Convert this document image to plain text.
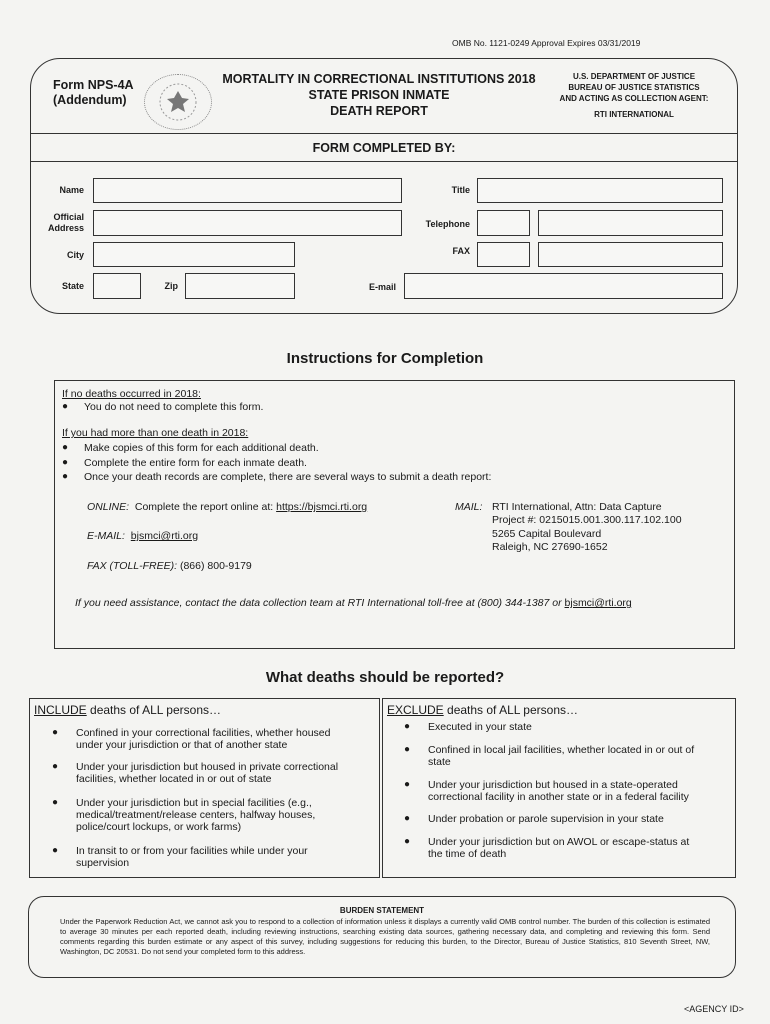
OMB No. 1121-0249 Approval Expires 03/31/2019
Form NPS-4A
(Addendum)
MORTALITY IN CORRECTIONAL INSTITUTIONS 2018
STATE PRISON INMATE
DEATH REPORT
U.S. DEPARTMENT OF JUSTICE
BUREAU OF JUSTICE STATISTICS
AND ACTING AS COLLECTION AGENT:
RTI INTERNATIONAL
FORM COMPLETED BY:
Name	Title
Official
Address	Telephone
City	FAX
State	Zip	E-mail
Instructions for Completion
If no deaths occurred in 2018:
● You do not need to complete this form.
If you had more than one death in 2018:
● Make copies of this form for each additional death.
● Complete the entire form for each inmate death.
● Once your death records are complete, there are several ways to submit a death report:
ONLINE: Complete the report online at: https://bjsmci.rti.org
E-MAIL: bjsmci@rti.org
FAX (TOLL-FREE): (866) 800-9179
MAIL: RTI International, Attn: Data Capture
Project #: 0215015.001.300.117.102.100
5265 Capital Boulevard
Raleigh, NC 27690-1652
If you need assistance, contact the data collection team at RTI International toll-free at (800) 344-1387 or bjsmci@rti.org
What deaths should be reported?
INCLUDE deaths of ALL persons…	EXCLUDE deaths of ALL persons…
● Confined in your correctional facilities, whether housed
under your jurisdiction or that of another state
● Under your jurisdiction but housed in private correctional
facilities, whether located in or out of state
● Under your jurisdiction but in special facilities (e.g.,
medical/treatment/release centers, halfway houses,
police/court lockups, or work farms)
● In transit to or from your facilities while under your
supervision
● Executed in your state
● Confined in local jail facilities, whether located in or out of
state
● Under your jurisdiction but housed in a state-operated
correctional facility in another state or in a federal facility
● Under probation or parole supervision in your state
● Under your jurisdiction but on AWOL or escape-status at
the time of death
BURDEN STATEMENT
Under the Paperwork Reduction Act, we cannot ask you to respond to a collection of information unless it displays a currently valid OMB control number. The burden of this collection is estimated to average 30 minutes per each reported death, including reviewing instructions, searching existing data sources, gathering necessary data, and completing and reviewing this form. Send comments regarding this burden estimate or any aspect of this survey, including suggestions for reducing this burden, to the Director, Bureau of Justice Statistics, 810 Seventh Street, NW, Washington, DC 20531. Do not send your completed form to this address.
<AGENCY ID>
